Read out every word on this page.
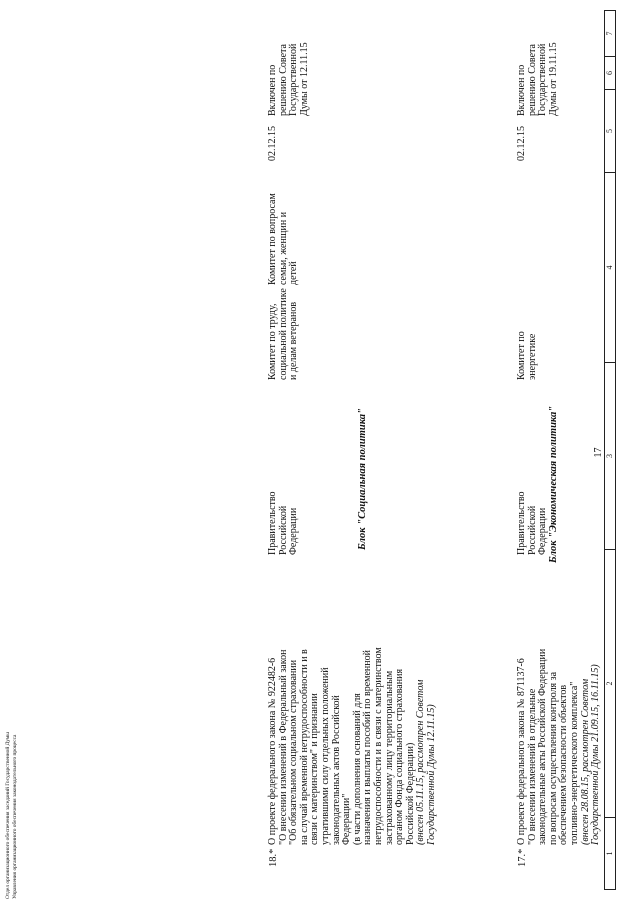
17
1
2
3
4
5
6
7
Блок "Экономическая политика"
17.*
О проекте федерального закона № 871137-6 "О внесении изменений в отдельные законодательные акты Российской Федерации по вопросам осуществления контроля за обеспечением безопасности объектов топливно-энергетического комплекса" (внесен 28.08.15, рассмотрен Советом Государственной Думы 21.09.15, 16.11.15)
Правительство Российской Федерации
Комитет по энергетике
02.12.15
Включен по решению Совета Государственной Думы от 19.11.15
Блок "Социальная политика"
18.*
О проекте федерального закона № 922482-6 "О внесении изменений в Федеральный закон "Об обязательном социальном страховании на случай временной нетрудоспособности и в связи с материнством" и признании утратившими силу отдельных положений законодательных актов Российской Федерации" (в части дополнения оснований для назначения и выплаты пособий по временной нетрудоспособности и в связи с материнством застрахованному лицу территориальным органом Фонда социального страхования Российской Федерации) (внесен 05.11.15, рассмотрен Советом Государственной Думы 12.11.15)
Правительство Российской Федерации
Комитет по труду, социальной политике и делам ветеранов
Комитет по вопросам семьи, женщин и детей
02.12.15
Включен по решению Совета Государственной Думы от 12.11.15
Отдел организационного обеспечения заседаний Государственной Думы Управления организационного обеспечения законодательного процесса
